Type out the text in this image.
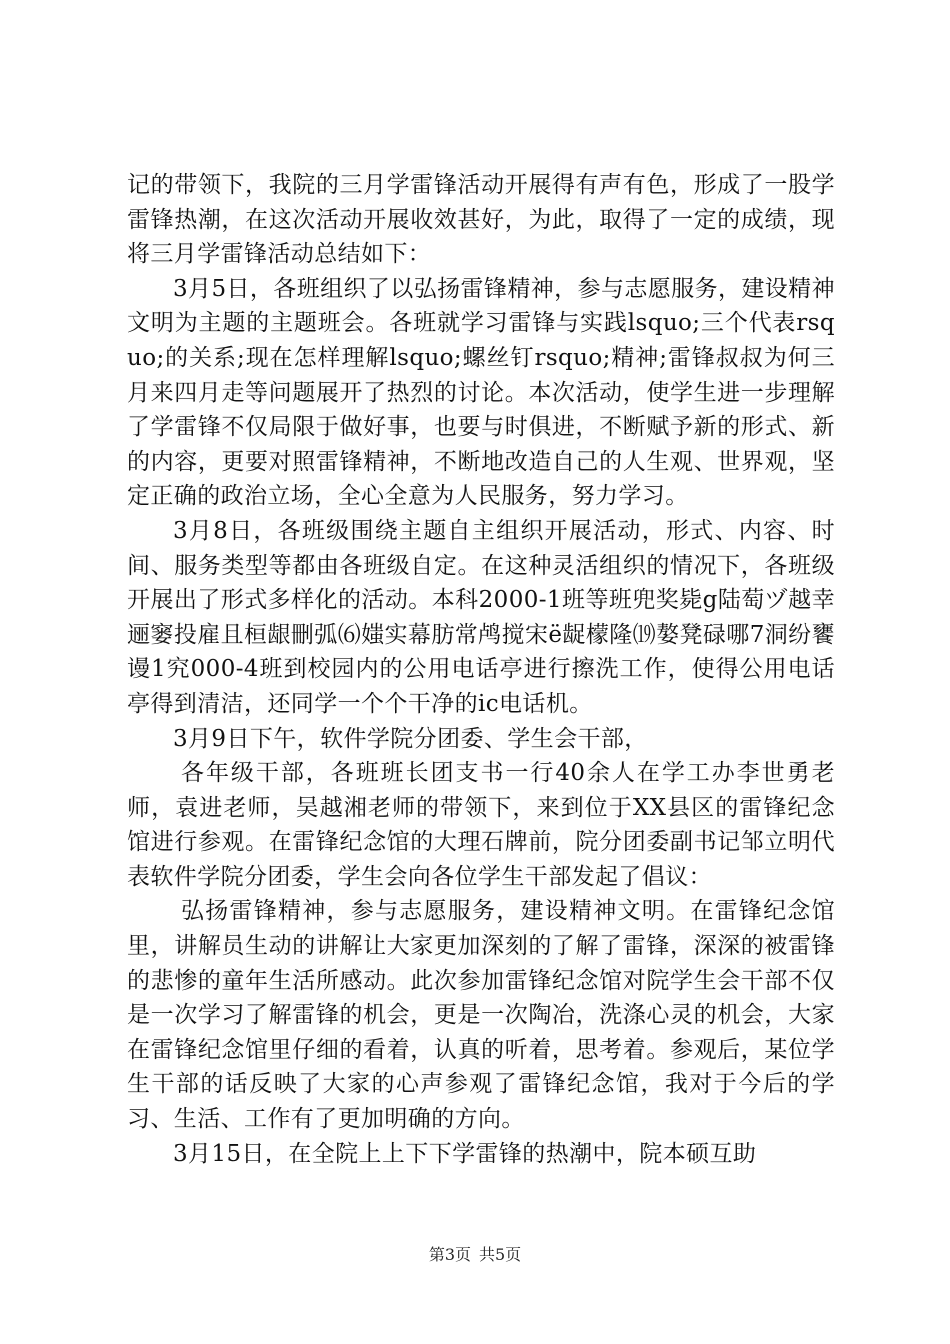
记的带领下，我院的三月学雷锋活动开展得有声有色，形成了一股学雷锋热潮，在这次活动开展收效甚好，为此，取得了一定的成绩，现将三月学雷锋活动总结如下：

3月5日，各班组织了以弘扬雷锋精神，参与志愿服务，建设精神文明为主题的主题班会。各班就学习雷锋与实践lsquo;三个代表rsquo;的关系;现在怎样理解lsquo;螺丝钉rsquo;精神;雷锋叔叔为何三月来四月走等问题展开了热烈的讨论。本次活动，使学生进一步理解了学雷锋不仅局限于做好事，也要与时俱进，不断赋予新的形式、新的内容，更要对照雷锋精神，不断地改造自己的人生观、世界观，坚定正确的政治立场，全心全意为人民服务，努力学习。

3月8日，各班级围绕主题自主组织开展活动，形式、内容、时间、服务类型等都由各班级自定。在这种灵活组织的情况下，各班级开展出了形式多样化的活动。本科2000-1班等班兜奖毙g陆萄ヅ越幸逦窭投雇且桓龈刪弧⑹媸实幕肪常鸬搅宋ë龊檬隆⒆嫯凳碌哪7洞纷饔谩1究000-4班到校园内的公用电话亭进行擦洗工作，使得公用电话亭得到清洁，还同学一个个干净的ic电话机。

3月9日下午，软件学院分团委、学生会干部，

各年级干部，各班班长团支书一行40余人在学工办李世勇老师，袁进老师，吴越湘老师的带领下，来到位于XX县区的雷锋纪念馆进行参观。在雷锋纪念馆的大理石牌前，院分团委副书记邹立明代表软件学院分团委，学生会向各位学生干部发起了倡议：

弘扬雷锋精神，参与志愿服务，建设精神文明。在雷锋纪念馆里，讲解员生动的讲解让大家更加深刻的了解了雷锋，深深的被雷锋的悲惨的童年生活所感动。此次参加雷锋纪念馆对院学生会干部不仅是一次学习了解雷锋的机会，更是一次陶冶，洗涤心灵的机会，大家在雷锋纪念馆里仔细的看着，认真的听着，思考着。参观后，某位学生干部的话反映了大家的心声参观了雷锋纪念馆，我对于今后的学习、生活、工作有了更加明确的方向。

3月15日，在全院上上下下学雷锋的热潮中，院本硕互助

第3页 共5页
